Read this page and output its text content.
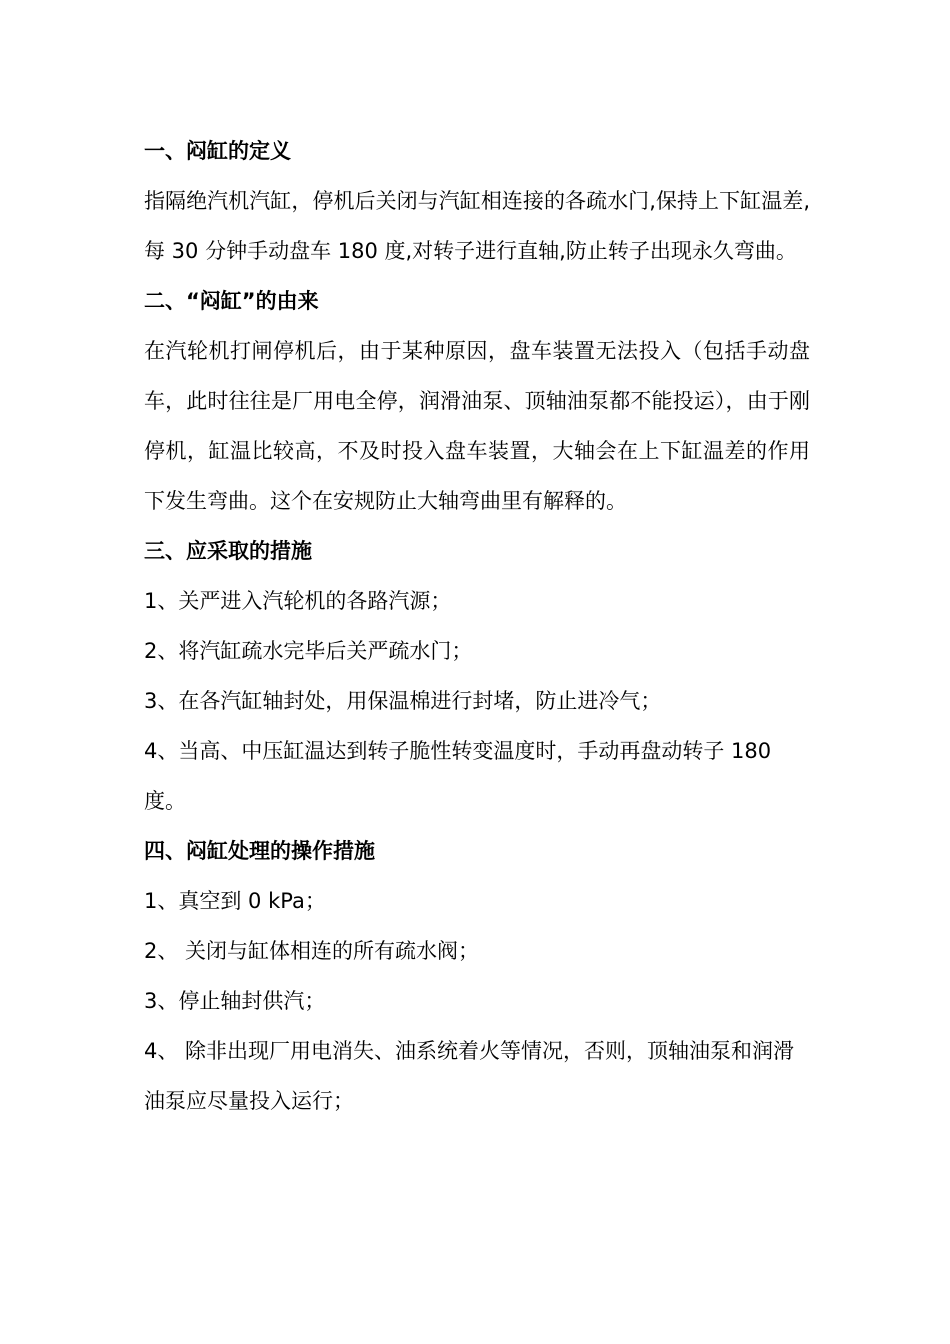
一、闷缸的定义
指隔绝汽机汽缸，停机后关闭与汽缸相连接的各疏水门,保持上下缸温差,每 30 分钟手动盘车 180 度,对转子进行直轴,防止转子出现永久弯曲。
二、“闷缸”的由来
在汽轮机打闸停机后，由于某种原因，盘车装置无法投入（包括手动盘车，此时往往是厂用电全停，润滑油泵、顶轴油泵都不能投运），由于刚停机，缸温比较高，不及时投入盘车装置，大轴会在上下缸温差的作用下发生弯曲。这个在安规防止大轴弯曲里有解释的。
三、应采取的措施
1、关严进入汽轮机的各路汽源；
2、将汽缸疏水完毕后关严疏水门；
3、在各汽缸轴封处，用保温棉进行封堵，防止进冷气；
4、当高、中压缸温达到转子脆性转变温度时，手动再盘动转子 180 度。
四、闷缸处理的操作措施
1、真空到 0 kPa；
2、 关闭与缸体相连的所有疏水阀；
3、停止轴封供汽；
4、 除非出现厂用电消失、油系统着火等情况，否则，顶轴油泵和润滑油泵应尽量投入运行；
